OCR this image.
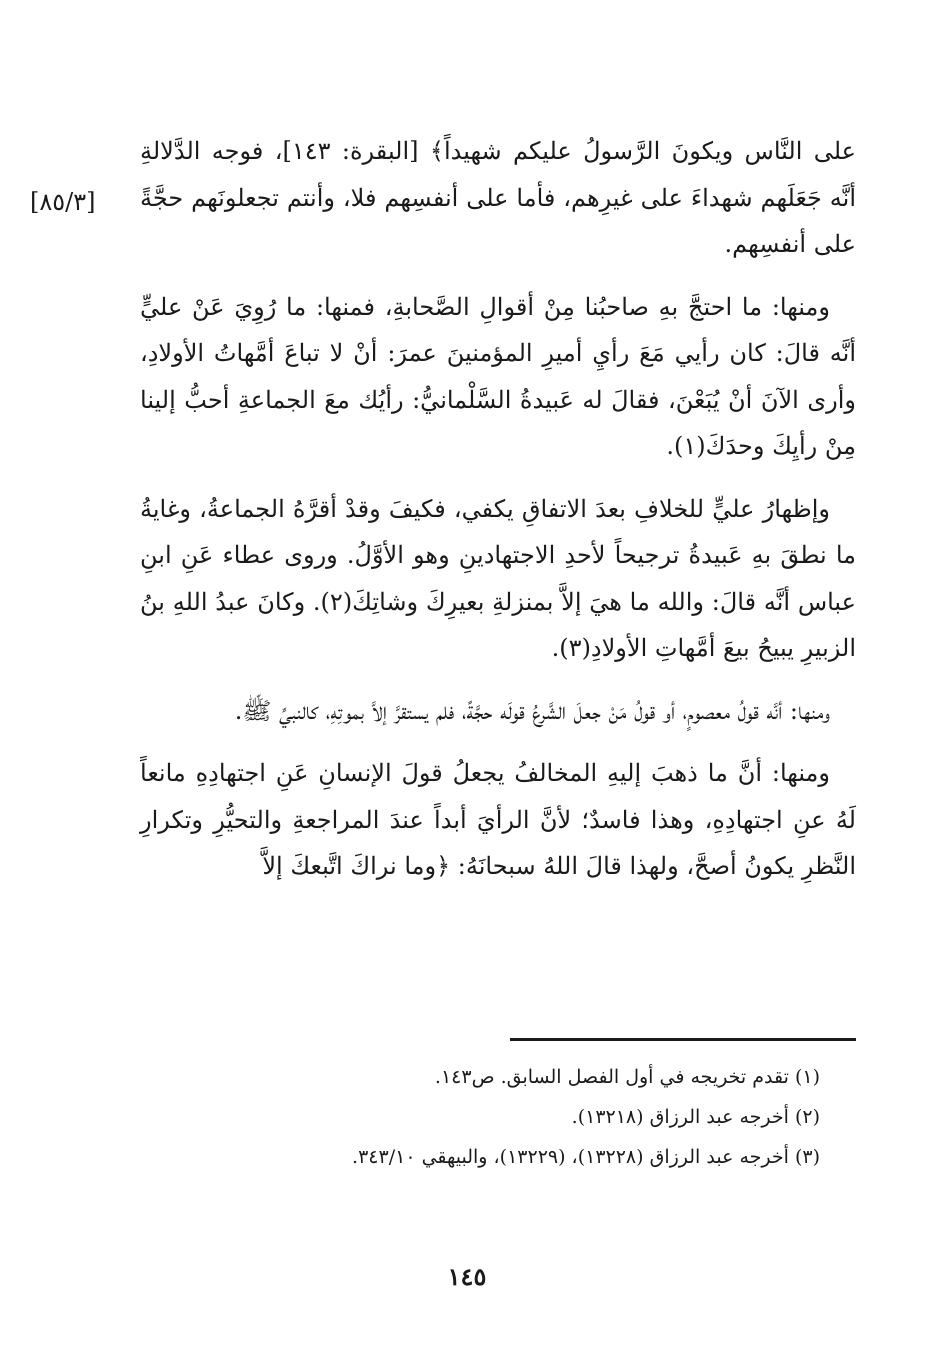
[٨٥/٣]

علی النَّاس ویکونَ الرَّسولُ علیکم شهیداً﴾ [البقرة: ١٤٣]، فوجه الدَّلالةِ أنَّه جَعَلَهم شهداءَ على غيرِهم، فأما على أنفسِهم فلا، وأنتم تجعلونَهم حجَّةً على أنفسِهم.

ومنها: ما احتجَّ بهِ صاحبُنا مِنْ أقوالِ الصَّحابةِ، فمنها: ما رُوِيَ عَنْ عليٍّ أنَّه قالَ: كان رأيي مَعَ رأيِ أميرِ المؤمنينَ عمرَ: أنْ لا تباعَ أمَّهاتُ الأولادِ، وأرى الآنَ أنْ يُبَعْنَ، فقالَ له عَبيدةُ السَّلْمانيُّ: رأيُك معَ الجماعةِ أحبُّ إلينا مِنْ رأيِكَ وحدَكَ(١).

وإظهارُ عليٍّ للخلافِ بعدَ الاتفاقِ يكفي، فكيفَ وقدْ أقرَّهُ الجماعةُ، وغايةُ ما نطقَ بهِ عَبيدةُ ترجيحاً لأحدِ الاجتهادينِ وهو الأوَّلُ. وروى عطاء عَنِ ابنِ عباس أنَّه قالَ: والله ما هيَ إلاَّ بمنزلةِ بعيرِكَ وشاتِكَ(٢). وكانَ عبدُ اللهِ بنُ الزبيرِ يبيحُ بيعَ أمَّهاتِ الأولادِ(٣).

ومنها: أنَّه قولُ معصومٍ، أو قولُ مَنْ جعلَ الشَّرعُ قولَه حجَّةً، فلم يستقرَّ إلاَّ بموتِهِ، كالنبيِّ ﷺ.

ومنها: أنَّ ما ذهبَ إليهِ المخالفُ يجعلُ قولَ الإنسانِ عَنِ اجتهادِهِ مانعاً لَهُ عنِ اجتهادِهِ، وهذا فاسدٌ؛ لأنَّ الرأيَ أبداً عندَ المراجعةِ والتحيُّرِ وتكرارِ النَّظرِ يكونُ أصحَّ، ولهذا قالَ اللهُ سبحانَهُ: ﴿وما نراكَ اتَّبعكَ إلاَّ

(١) تقدم تخريجه في أول الفصل السابق. ص١٤٣.

(٢) أخرجه عبد الرزاق (١٣٢١٨).

(٣) أخرجه عبد الرزاق (١٣٢٢٨)، (١٣٢٢٩)، والبيهقي ٣٤٣/١٠.

١٤٥
